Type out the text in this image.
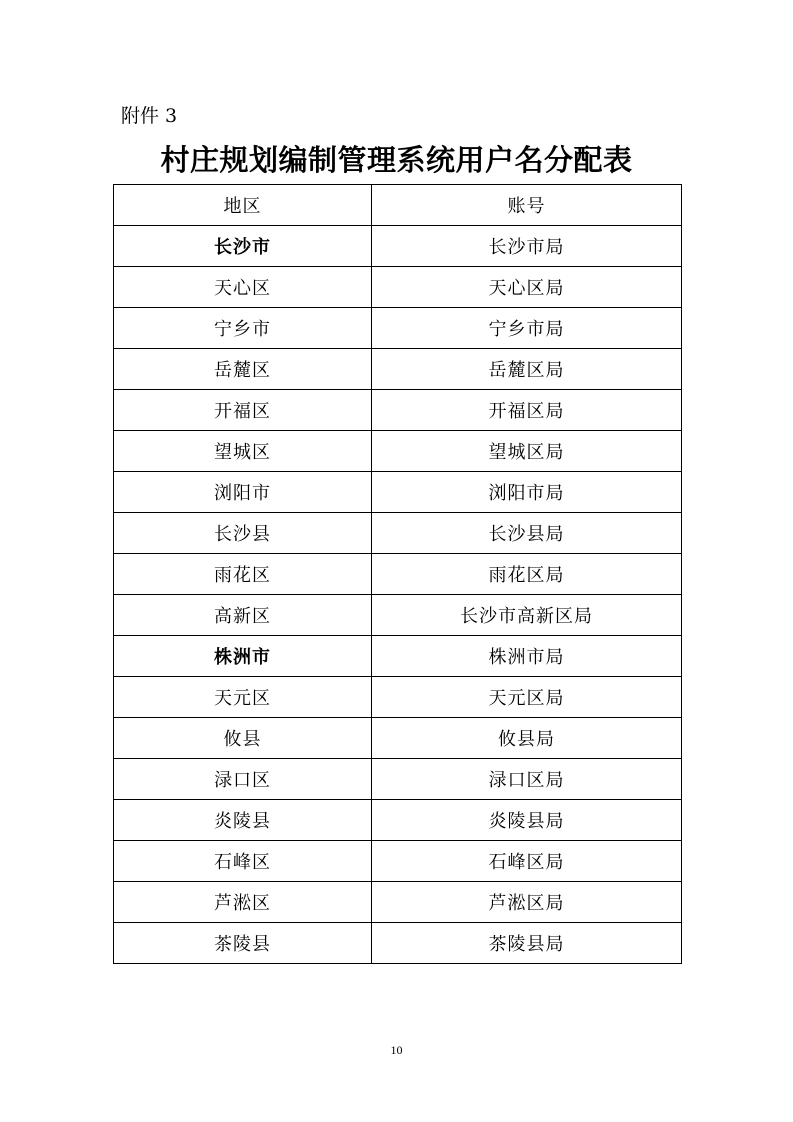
附件 3
村庄规划编制管理系统用户名分配表
地区	账号
长沙市	长沙市局
天心区	天心区局
宁乡市	宁乡市局
岳麓区	岳麓区局
开福区	开福区局
望城区	望城区局
浏阳市	浏阳市局
长沙县	长沙县局
雨花区	雨花区局
高新区	长沙市高新区局
株洲市	株洲市局
天元区	天元区局
攸县	攸县局
渌口区	渌口区局
炎陵县	炎陵县局
石峰区	石峰区局
芦淞区	芦淞区局
茶陵县	茶陵县局
10
